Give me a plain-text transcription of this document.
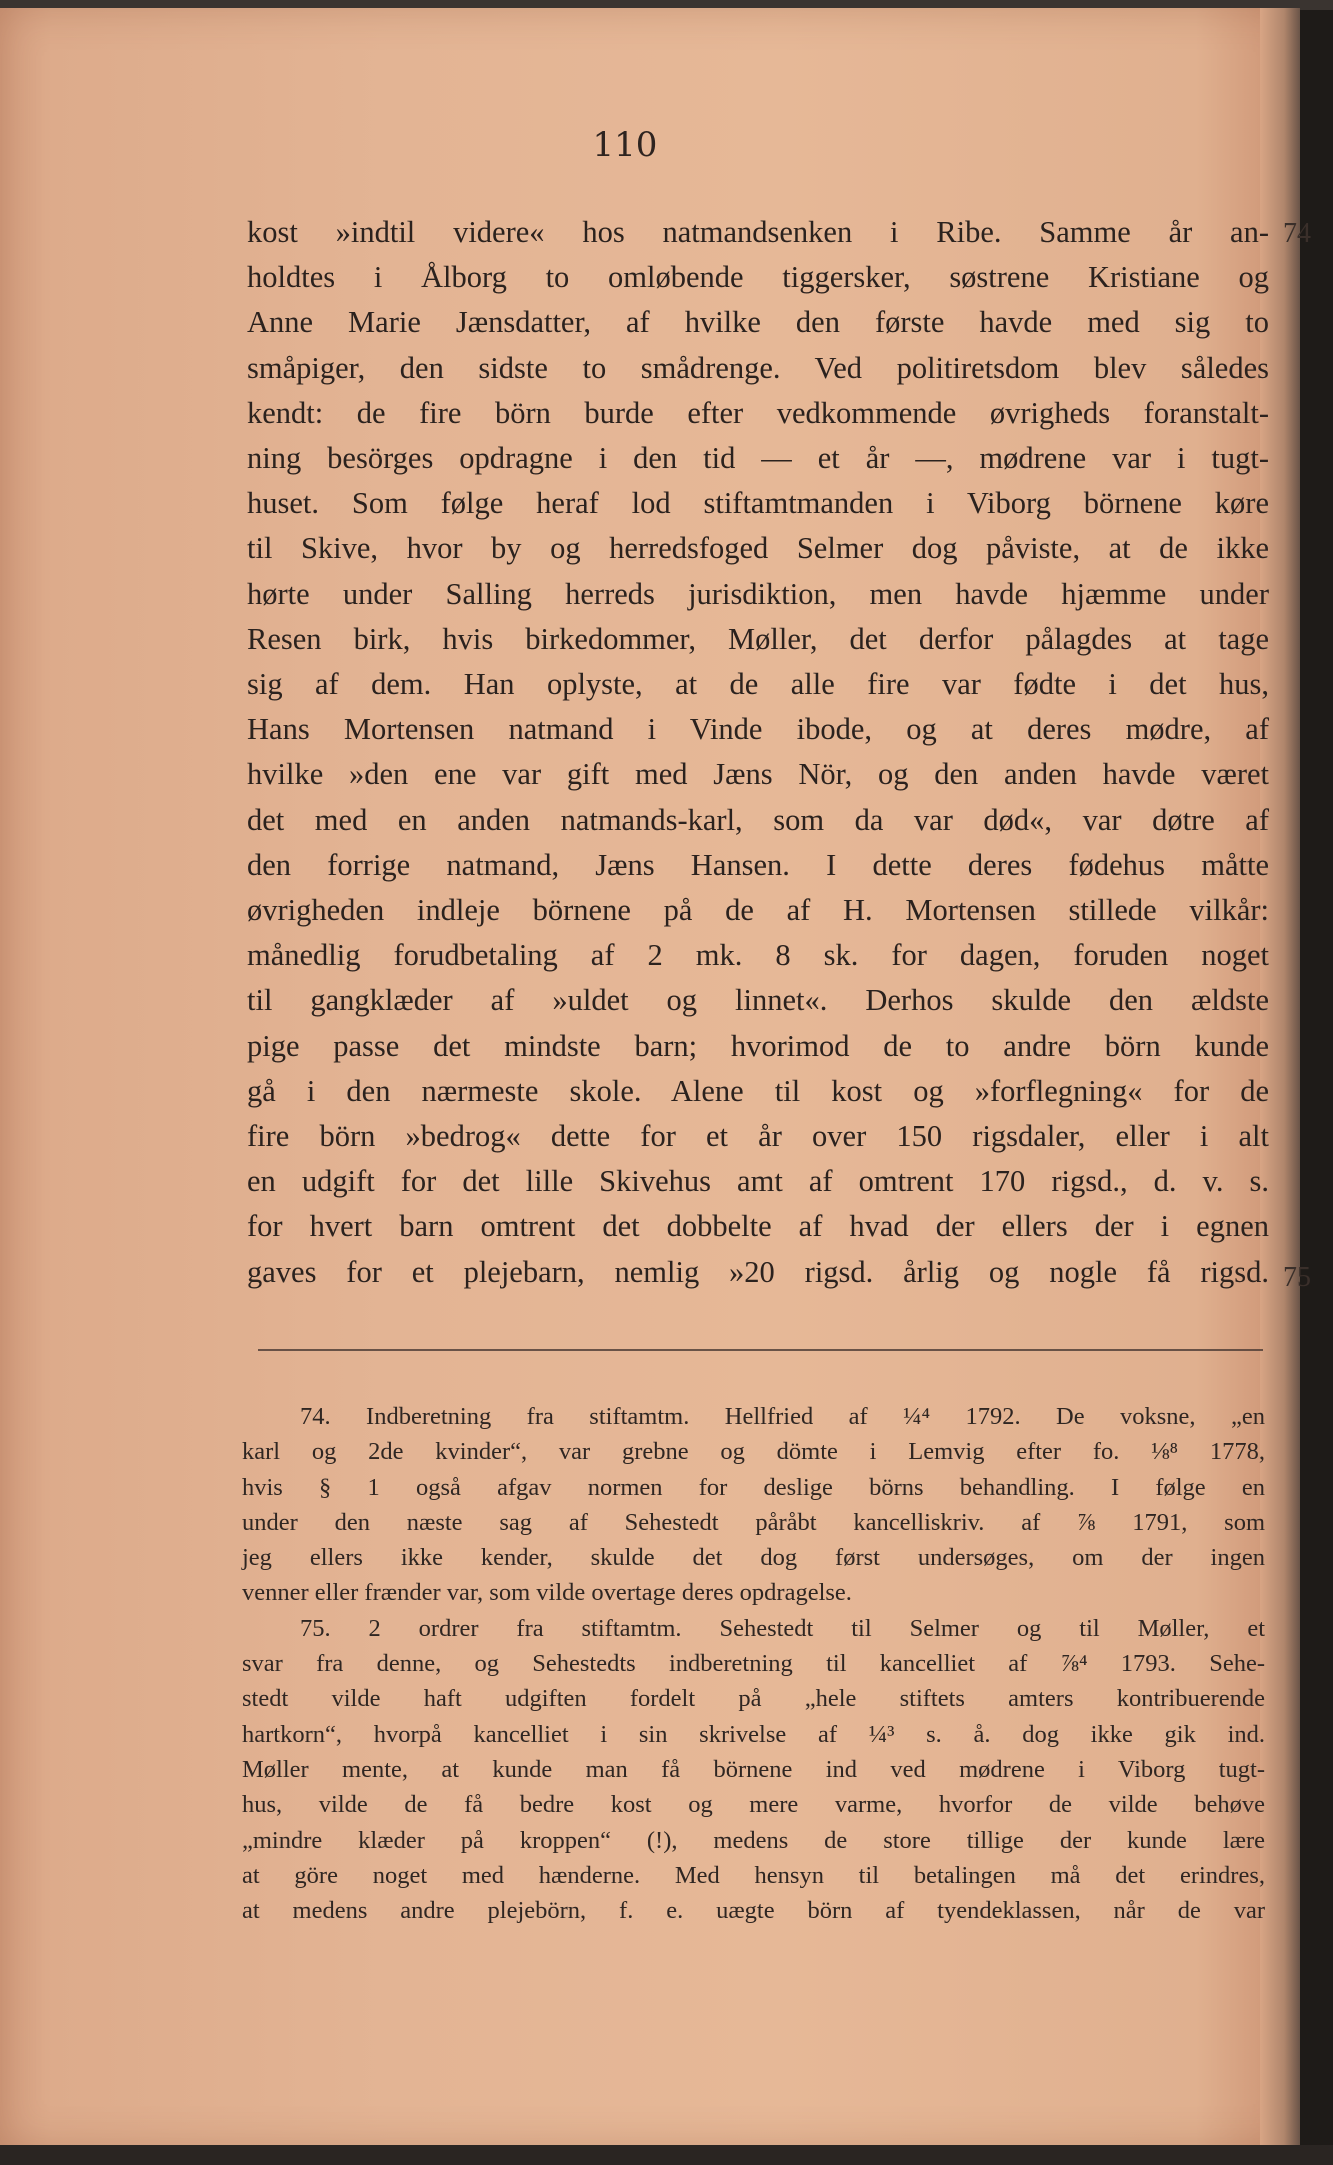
110
kost »indtil videre« hos natmandsenken i Ribe. Samme år an-
holdtes i Ålborg to omløbende tiggersker, søstrene Kristiane og
Anne Marie Jænsdatter, af hvilke den første havde med sig to
småpiger, den sidste to smådrenge. Ved politiretsdom blev således
kendt: de fire börn burde efter vedkommende øvrigheds foranstalt-
ning besörges opdragne i den tid — et år —, mødrene var i tugt-
huset. Som følge heraf lod stiftamtmanden i Viborg börnene køre
til Skive, hvor by og herredsfoged Selmer dog påviste, at de ikke
hørte under Salling herreds jurisdiktion, men havde hjæmme under
Resen birk, hvis birkedommer, Møller, det derfor pålagdes at tage
sig af dem. Han oplyste, at de alle fire var fødte i det hus,
Hans Mortensen natmand i Vinde ibode, og at deres mødre, af
hvilke »den ene var gift med Jæns Nör, og den anden havde været
det med en anden natmands-karl, som da var død«, var døtre af
den forrige natmand, Jæns Hansen. I dette deres fødehus måtte
øvrigheden indleje börnene på de af H. Mortensen stillede vilkår:
månedlig forudbetaling af 2 mk. 8 sk. for dagen, foruden noget
til gangklæder af »uldet og linnet«. Derhos skulde den ældste
pige passe det mindste barn; hvorimod de to andre börn kunde
gå i den nærmeste skole. Alene til kost og »forflegning« for de
fire börn »bedrog« dette for et år over 150 rigsdaler, eller i alt
en udgift for det lille Skivehus amt af omtrent 170 rigsd., d. v. s.
for hvert barn omtrent det dobbelte af hvad der ellers der i egnen
gaves for et plejebarn, nemlig »20 rigsd. årlig og nogle få rigsd.
74
75
74. Indberetning fra stiftamtm. Hellfried af ¼⁴ 1792. De voksne, „en
karl og 2de kvinder“, var grebne og dömte i Lemvig efter fo. ⅛⁸ 1778,
hvis § 1 også afgav normen for deslige börns behandling. I følge en
under den næste sag af Sehestedt påråbt kancelliskriv. af ⅞ 1791, som
jeg ellers ikke kender, skulde det dog først undersøges, om der ingen
venner eller frænder var, som vilde overtage deres opdragelse.
75. 2 ordrer fra stiftamtm. Sehestedt til Selmer og til Møller, et
svar fra denne, og Sehestedts indberetning til kancelliet af ⅞⁴ 1793. Sehe-
stedt vilde haft udgiften fordelt på „hele stiftets amters kontribuerende
hartkorn“, hvorpå kancelliet i sin skrivelse af ¼³ s. å. dog ikke gik ind.
Møller mente, at kunde man få börnene ind ved mødrene i Viborg tugt-
hus, vilde de få bedre kost og mere varme, hvorfor de vilde behøve
„mindre klæder på kroppen“ (!), medens de store tillige der kunde lære
at göre noget med hænderne. Med hensyn til betalingen må det erindres,
at medens andre plejebörn, f. e. uægte börn af tyendeklassen, når de var
